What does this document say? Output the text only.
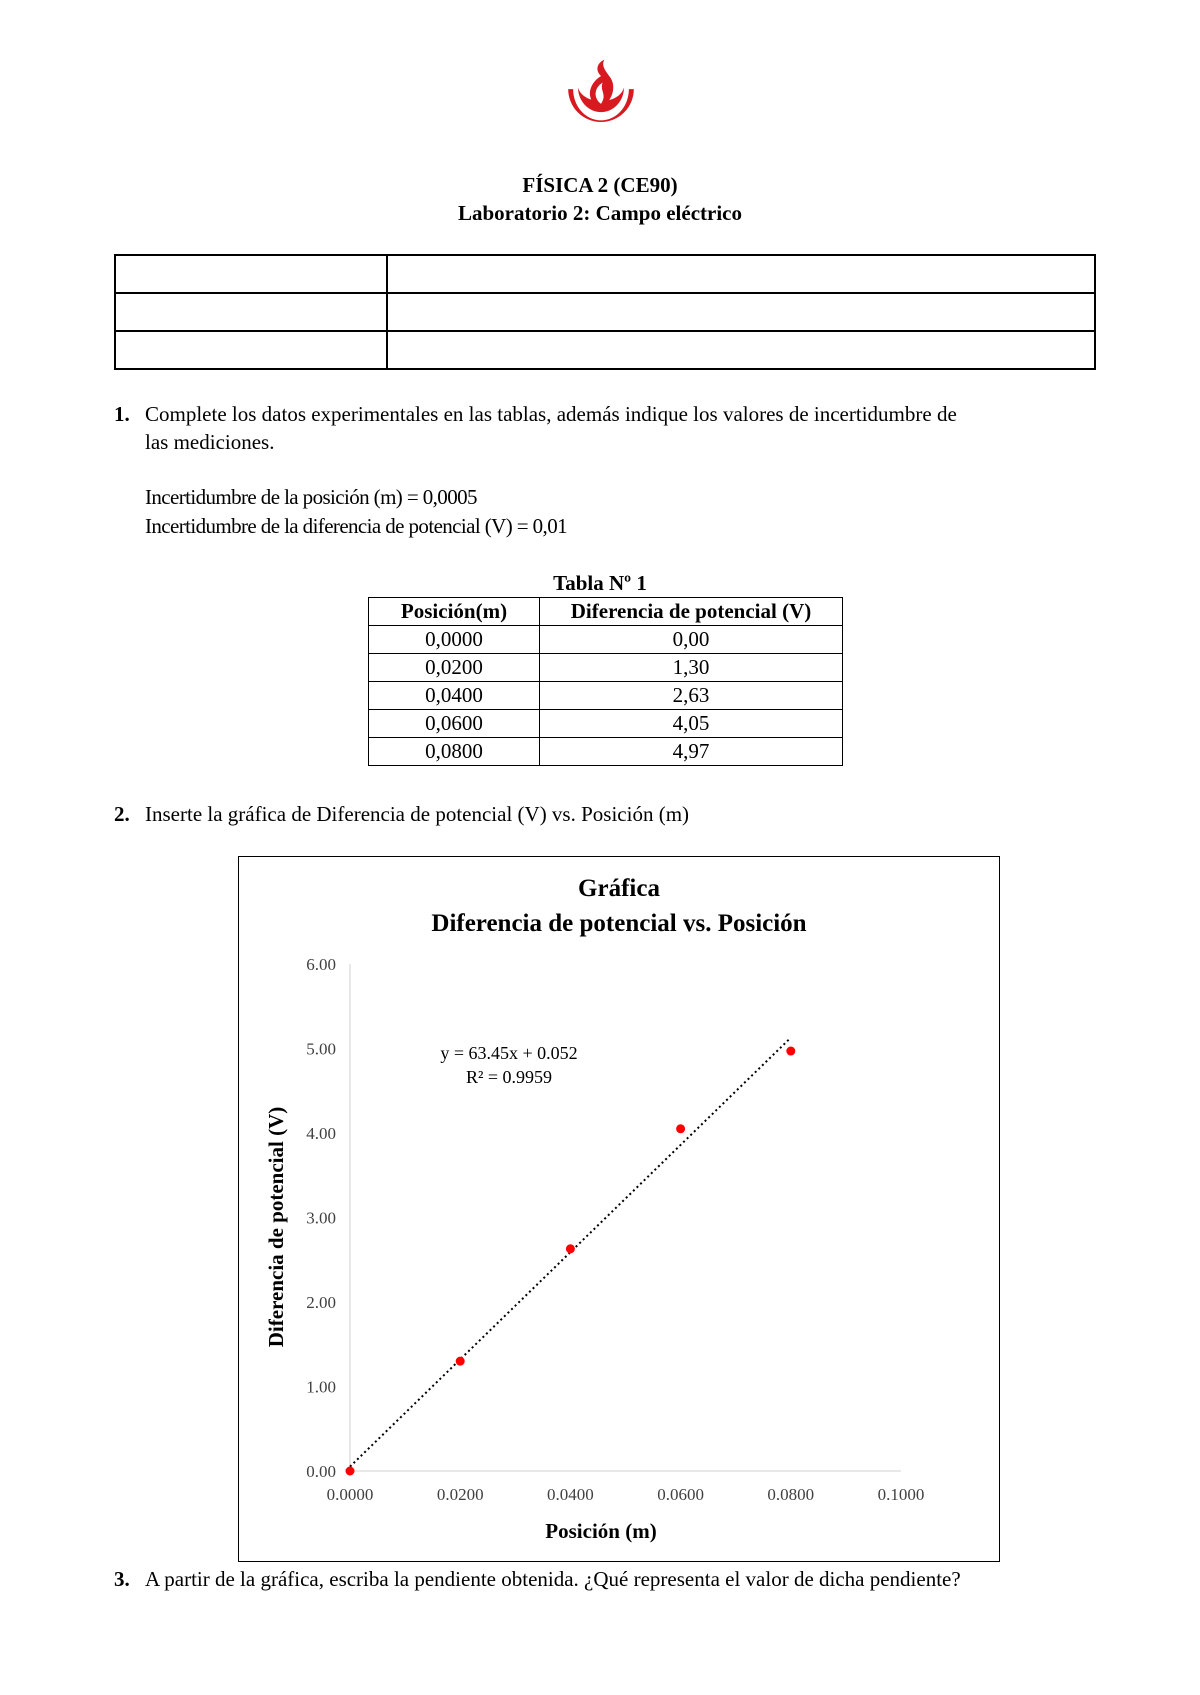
FÍSICA 2 (CE90)
Laboratorio 2: Campo eléctrico

1. Complete los datos experimentales en las tablas, además indique los valores de incertidumbre de
las mediciones.
Incertidumbre de la posición (m) = 0,0005
Incertidumbre de la diferencia de potencial (V) = 0,01
Tabla Nº 1
Posición(m)	Diferencia de potencial (V)
0,0000	0,00
0,0200	1,30
0,0400	2,63
0,0600	4,05
0,0800	4,97
2. Inserte la gráfica de Diferencia de potencial (V) vs. Posición (m)
Gráfica
Diferencia de potencial vs. Posición
Diferencia de potencial (V)
Posición (m)
y = 63.45x + 0.052
R² = 0.9959
0.00
1.00
2.00
3.00
4.00
5.00
6.00
0.0000	0.0200	0.0400	0.0600	0.0800	0.1000
3. A partir de la gráfica, escriba la pendiente obtenida. ¿Qué representa el valor de dicha pendiente?
